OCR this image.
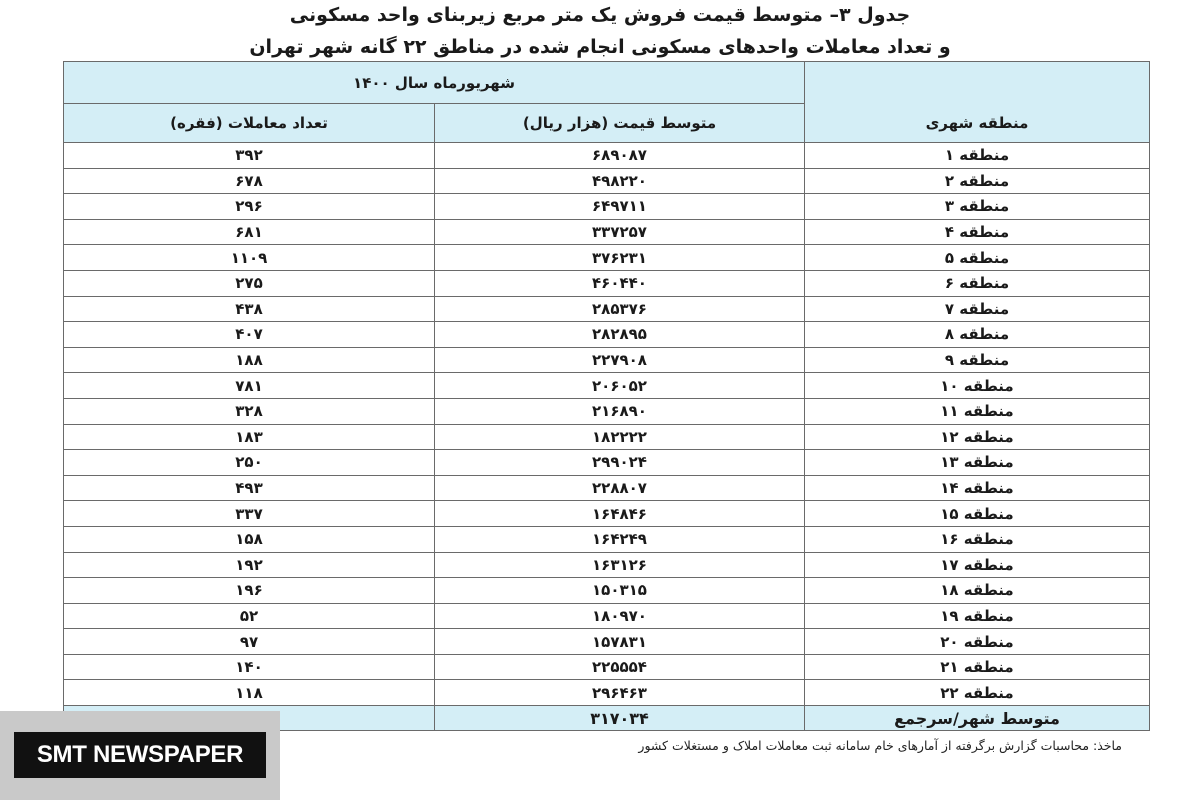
جدول ۳– متوسط قیمت فروش یک متر مربع زیربنای واحد مسکونی
و تعداد معاملات واحدهای مسکونی انجام شده در مناطق ۲۲ گانه شهر تهران
	شهریورماه سال ۱۴۰۰	
منطقه شهری	متوسط قیمت (هزار ریال)	تعداد معاملات (فقره)
منطقه ۱	۶۸۹۰۸۷	۳۹۲
منطقه ۲	۴۹۸۲۲۰	۶۷۸
منطقه ۳	۶۴۹۷۱۱	۲۹۶
منطقه ۴	۳۳۷۲۵۷	۶۸۱
منطقه ۵	۳۷۶۲۳۱	۱۱۰۹
منطقه ۶	۴۶۰۴۴۰	۲۷۵
منطقه ۷	۲۸۵۳۷۶	۴۳۸
منطقه ۸	۲۸۲۸۹۵	۴۰۷
منطقه ۹	۲۲۷۹۰۸	۱۸۸
منطقه ۱۰	۲۰۶۰۵۲	۷۸۱
منطقه ۱۱	۲۱۶۸۹۰	۳۲۸
منطقه ۱۲	۱۸۲۲۲۲	۱۸۳
منطقه ۱۳	۲۹۹۰۲۴	۲۵۰
منطقه ۱۴	۲۲۸۸۰۷	۴۹۳
منطقه ۱۵	۱۶۴۸۴۶	۳۳۷
منطقه ۱۶	۱۶۴۲۴۹	۱۵۸
منطقه ۱۷	۱۶۳۱۲۶	۱۹۲
منطقه ۱۸	۱۵۰۳۱۵	۱۹۶
منطقه ۱۹	۱۸۰۹۷۰	۵۲
منطقه ۲۰	۱۵۷۸۳۱	۹۷
منطقه ۲۱	۲۲۵۵۵۴	۱۴۰
منطقه ۲۲	۲۹۶۴۶۳	۱۱۸
متوسط شهر/سرجمع	۳۱۷۰۳۴	
ماخذ: محاسبات گزارش برگرفته از آمارهای خام سامانه ثبت معاملات املاک و مستغلات کشور
SMT NEWSPAPER
